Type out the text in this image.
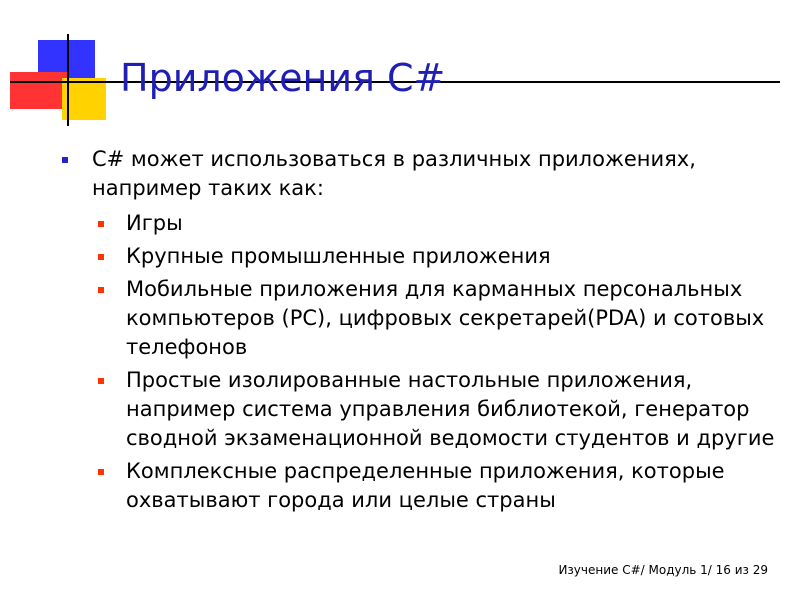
Приложения C#
C# может использоваться в различных приложениях, например таких как:
Игры
Крупные промышленные приложения
Мобильные приложения для карманных персональных компьютеров (PC), цифровых секретарей(PDA) и сотовых телефонов
Простые изолированные настольные приложения, например система управления библиотекой, генератор сводной экзаменационной ведомости студентов и другие
Комплексные распределенные приложения, которые охватывают города или целые страны
Изучение C#/ Модуль 1/ 16 из 29
